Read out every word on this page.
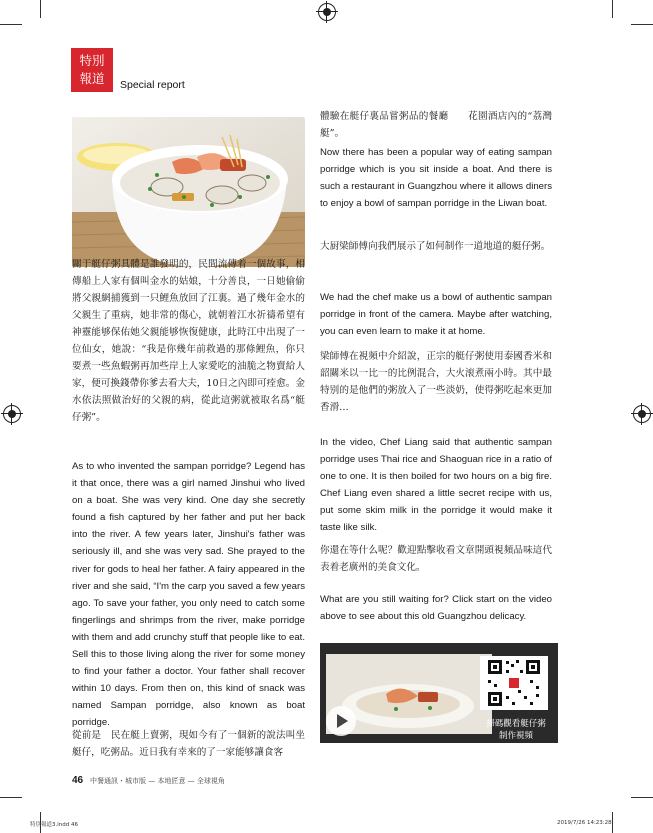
特別
報道	Special report
關于艇仔粥具體是誰發明的，民間流傳着一個故事，相傳船上人家有個叫金水的姑娘，十分善良，一日她偷偷將父親網捕獲到一只鯉魚放回了江裏。過了幾年金水的父親生了重病，她非常的傷心，就朝着江水祈禱希望有神靈能够保佑她父親能够恢復健康，此時江中出現了一位仙女，她說：“我是你幾年前救過的那條鯉魚，你只要煮一些魚蝦粥再加些岸上人家愛吃的油脆之物賣給人家，便可換錢帶你爹去看大夫，10日之內即可痊愈。金水依法照做治好的父親的病，從此這粥就被取名爲“艇仔粥”。
As to who invented the sampan porridge? Legend has it that once, there was a girl named Jinshui who lived on a boat. She was very kind. One day she secretly found a fish captured by her father and put her back into the river. A few years later, Jinshui's father was seriously ill, and she was very sad. She prayed to the river for gods to heal her father. A fairy appeared in the river and she said, “I'm the carp you saved a few years ago. To save your father, you only need to catch some fingerlings and shrimps from the river, make porridge with them and add crunchy stuff that people like to eat. Sell this to those living along the river for some money to find your father a doctor. Your father shall recover within 10 days. From then on, this kind of snack was named Sampan porridge, also known as boat porridge.
從前是　民在艇上賣粥，現如今有了一個新的說法叫坐艇仔，吃粥品。近日我有幸來的了一家能够讓食客
體驗在艇仔裏品嘗粥品的餐廳　　花園酒店內的“荔灣艇”。
Now there has been a popular way of eating sampan porridge which is you sit inside a boat. And there is such a restaurant in Guangzhou where it allows diners to enjoy a bowl of sampan porridge in the Liwan boat.
大厨梁師傅向我們展示了如何制作一道地道的艇仔粥。
We had the chef make us a bowl of authentic sampan porridge in front of the camera. Maybe after watching, you can even learn to make it at home.
梁師傅在視頻中介紹說，正宗的艇仔粥使用泰國香米和韶關米以一比一的比例混合，大火滚煮兩小時。其中最特别的是他們的粥放入了一些淡奶，使得粥吃起來更加香滑…
In the video, Chef Liang said that authentic sampan porridge uses Thai rice and Shaoguan rice in a ratio of one to one. It is then boiled for two hours on a big fire. Chef Liang even shared a little secret recipe with us, put some skim milk in the porridge it would make it taste like silk.
你還在等什么呢？歡迎點擊收看文章開頭視頻品味這代表着老廣州的美食文化。
What are you still waiting for? Click start on the video above to see about this old Guangzhou delicacy.
掃碼觀看艇仔粥
制作視頻
46 中餐通訊・城市版 — 本地匠意 — 全球視角
特別報道3.indd 46	2019/7/26 14:23:28
